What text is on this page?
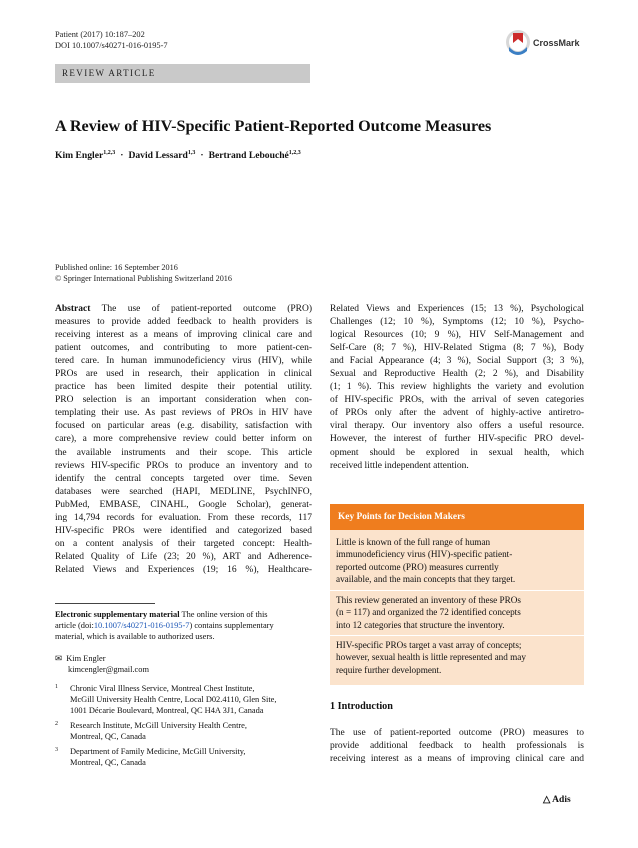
Patient (2017) 10:187–202
DOI 10.1007/s40271-016-0195-7	CrossMark
REVIEW ARTICLE
A Review of HIV-Specific Patient-Reported Outcome Measures
Kim Engler$^{1,2,3}$ · David Lessard$^{1,3}$ · Bertrand Lebouché$^{1,2,3}$
Published online: 16 September 2016
© Springer International Publishing Switzerland 2016

Abstract The use of patient-reported outcome (PRO)

measures to provide added feedback to health providers is
receiving interest as a means of improving clinical care and
patient outcomes, and contributing to more patient-cen-
tered care. In human immunodeficiency virus (HIV), while
PROs are used in research, their application in clinical
practice has been limited despite their potential utility.
PRO selection is an important consideration when con-
templating their use. As past reviews of PROs in HIV have
focused on particular areas (e.g. disability, satisfaction with
care), a more comprehensive review could better inform on
the available instruments and their scope. This article
reviews HIV-specific PROs to produce an inventory and to
identify the central concepts targeted over time. Seven
databases were searched (HAPI, MEDLINE, PsychINFO,
PubMed, EMBASE, CINAHL, Google Scholar), generat-
ing 14,794 records for evaluation. From these records, 117
HIV-specific PROs were identified and categorized based
on a content analysis of their targeted concept: Health-
Related Quality of Life (23; 20 %), ART and Adherence-
Related Views and Experiences (19; 16 %), Healthcare-
Related Views and Experiences (15; 13 %), Psychological
Challenges (12; 10 %), Symptoms (12; 10 %), Psycho-
logical Resources (10; 9 %), HIV Self-Management and
Self-Care (8; 7 %), HIV-Related Stigma (8; 7 %), Body
and Facial Appearance (4; 3 %), Social Support (3; 3 %),
Sexual and Reproductive Health (2; 2 %), and Disability
(1; 1 %). This review highlights the variety and evolution
of HIV-specific PROs, with the arrival of seven categories
of PROs only after the advent of highly-active antiretro-
viral therapy. Our inventory also offers a useful resource.
However, the interest of further HIV-specific PRO devel-
opment should be explored in sexual health, which
received little independent attention.
Electronic supplementary material The online version of this
article (doi:10.1007/s40271-016-0195-7) contains supplementary
material, which is available to authorized users.
✉ Kim Engler
kimcengler@gmail.com
1 Chronic Viral Illness Service, Montreal Chest Institute,
McGill University Health Centre, Local D02.4110, Glen Site,
1001 Décarie Boulevard, Montreal, QC H4A 3J1, Canada
2 Research Institute, McGill University Health Centre,
Montreal, QC, Canada
3 Department of Family Medicine, McGill University,
Montreal, QC, Canada
Key Points for Decision Makers
Little is known of the full range of human
immunodeficiency virus (HIV)-specific patient-
reported outcome (PRO) measures currently
available, and the main concepts that they target.
This review generated an inventory of these PROs
(n = 117) and organized the 72 identified concepts
into 12 categories that structure the inventory.
HIV-specific PROs target a vast array of concepts;
however, sexual health is little represented and may
require further development.
1 Introduction
The use of patient-reported outcome (PRO) measures to
provide additional feedback to health professionals is
receiving interest as a means of improving clinical care and
△ Adis
